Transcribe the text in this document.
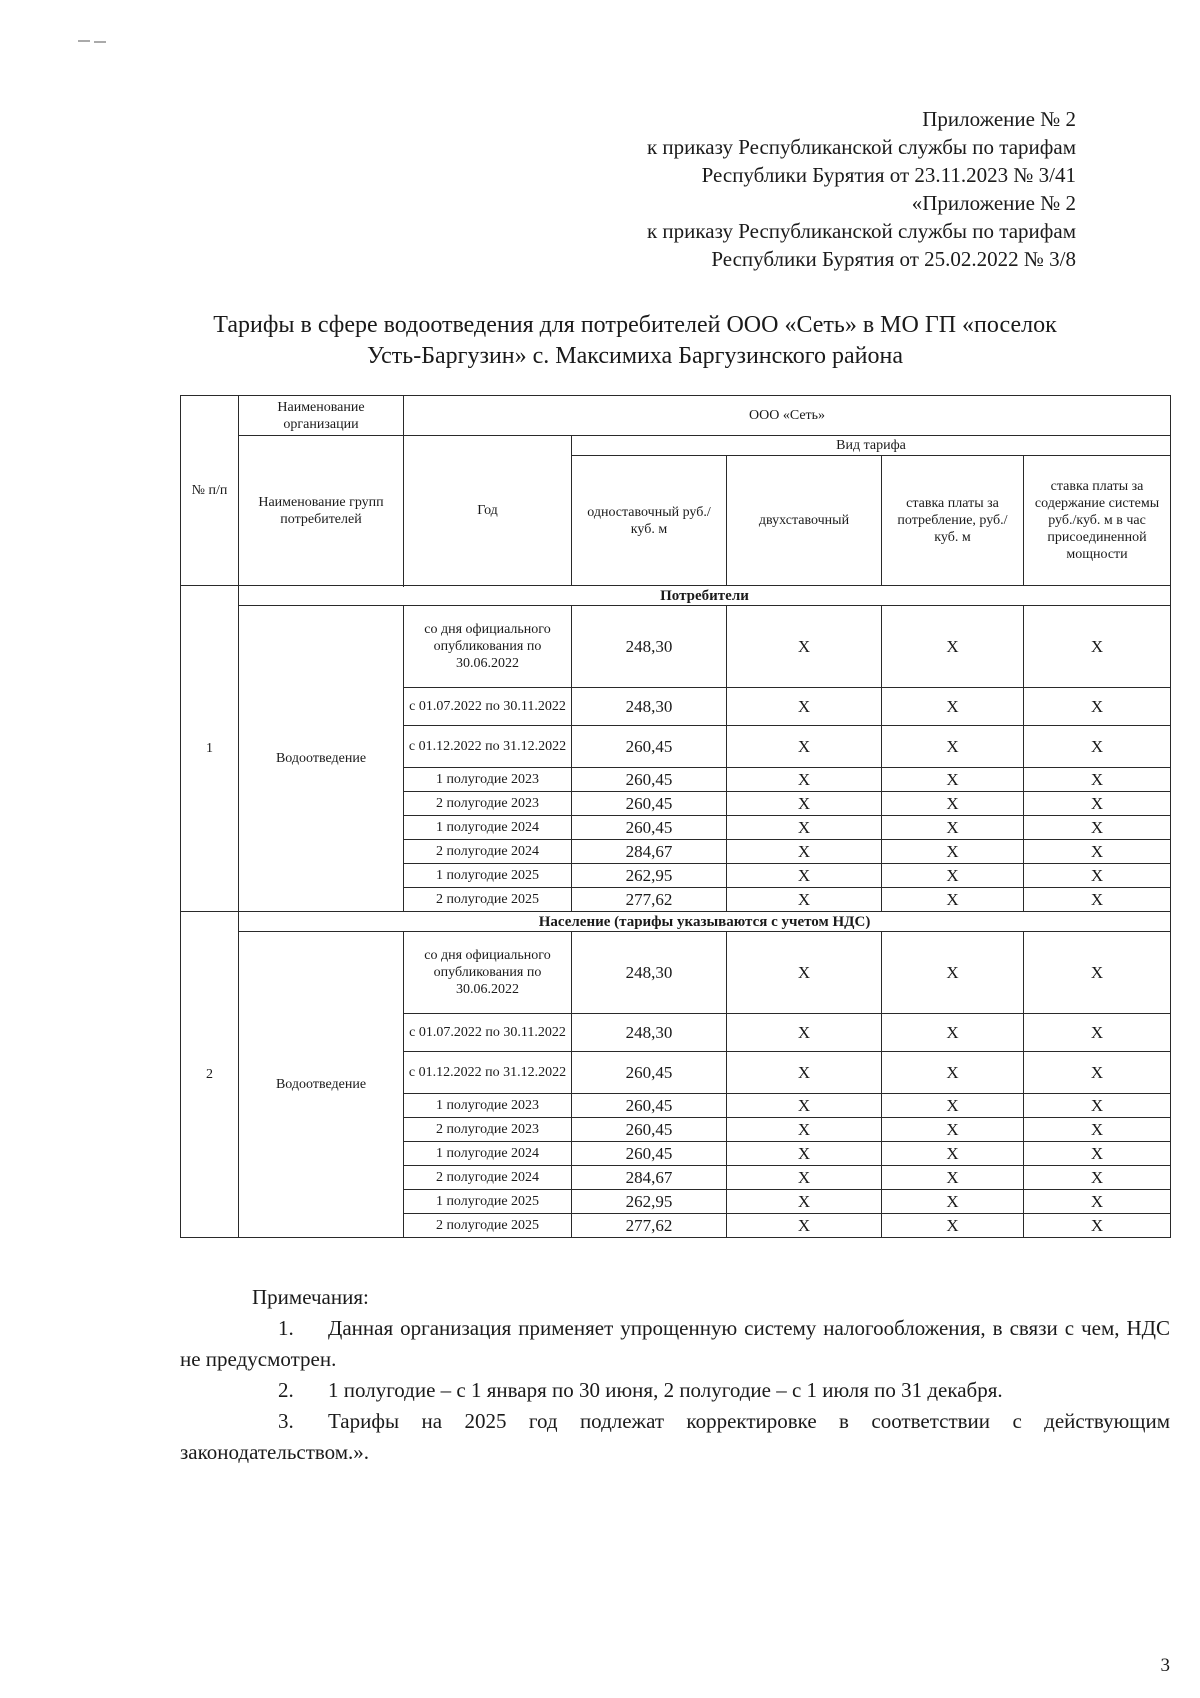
Приложение № 2
к приказу Республиканской службы по тарифам
Республики Бурятия от 23.11.2023 № 3/41
«Приложение № 2
к приказу Республиканской службы по тарифам
Республики Бурятия от 25.02.2022 № 3/8
Тарифы в сфере водоотведения для потребителей ООО «Сеть» в МО ГП «поселок
Усть-Баргузин» с. Максимиха Баргузинского района
№ п/п	Наименование организации	ООО «Сеть»				
	Наименование групп потребителей	Год	Вид тарифа			
			одноставочный руб./ куб. м	двухставочный	ставка платы за потребление, руб./ куб. м	ставка платы за содержание системы руб./куб. м в час присоединенной мощности

1	Потребители					
	Водоотведение	со дня официального опубликования по 30.06.2022	248,30	Х	Х	Х
		с 01.07.2022 по 30.11.2022	248,30	Х	Х	Х
		с 01.12.2022 по 31.12.2022	260,45	Х	Х	Х
		1 полугодие 2023	260,45	Х	Х	Х
		2 полугодие 2023	260,45	Х	Х	Х
		1 полугодие 2024	260,45	Х	Х	Х
		2 полугодие 2024	284,67	Х	Х	Х
		1 полугодие 2025	262,95	Х	Х	Х
		2 полугодие 2025	277,62	Х	Х	Х
2	Население (тарифы указываются с учетом НДС)					
	Водоотведение	со дня официального опубликования по 30.06.2022	248,30	Х	Х	Х
		с 01.07.2022 по 30.11.2022	248,30	Х	Х	Х
		с 01.12.2022 по 31.12.2022	260,45	Х	Х	Х
		1 полугодие 2023	260,45	Х	Х	Х
		2 полугодие 2023	260,45	Х	Х	Х
		1 полугодие 2024	260,45	Х	Х	Х
		2 полугодие 2024	284,67	Х	Х	Х
		1 полугодие 2025	262,95	Х	Х	Х
		2 полугодие 2025	277,62	Х	Х	Х
Примечания:
1. Данная организация применяет упрощенную систему налогообложения, в связи с чем, НДС не предусмотрен.
2. 1 полугодие – с 1 января по 30 июня, 2 полугодие – с 1 июля по 31 декабря.
3. Тарифы на 2025 год подлежат корректировке в соответствии с действующим законодательством.».
3
